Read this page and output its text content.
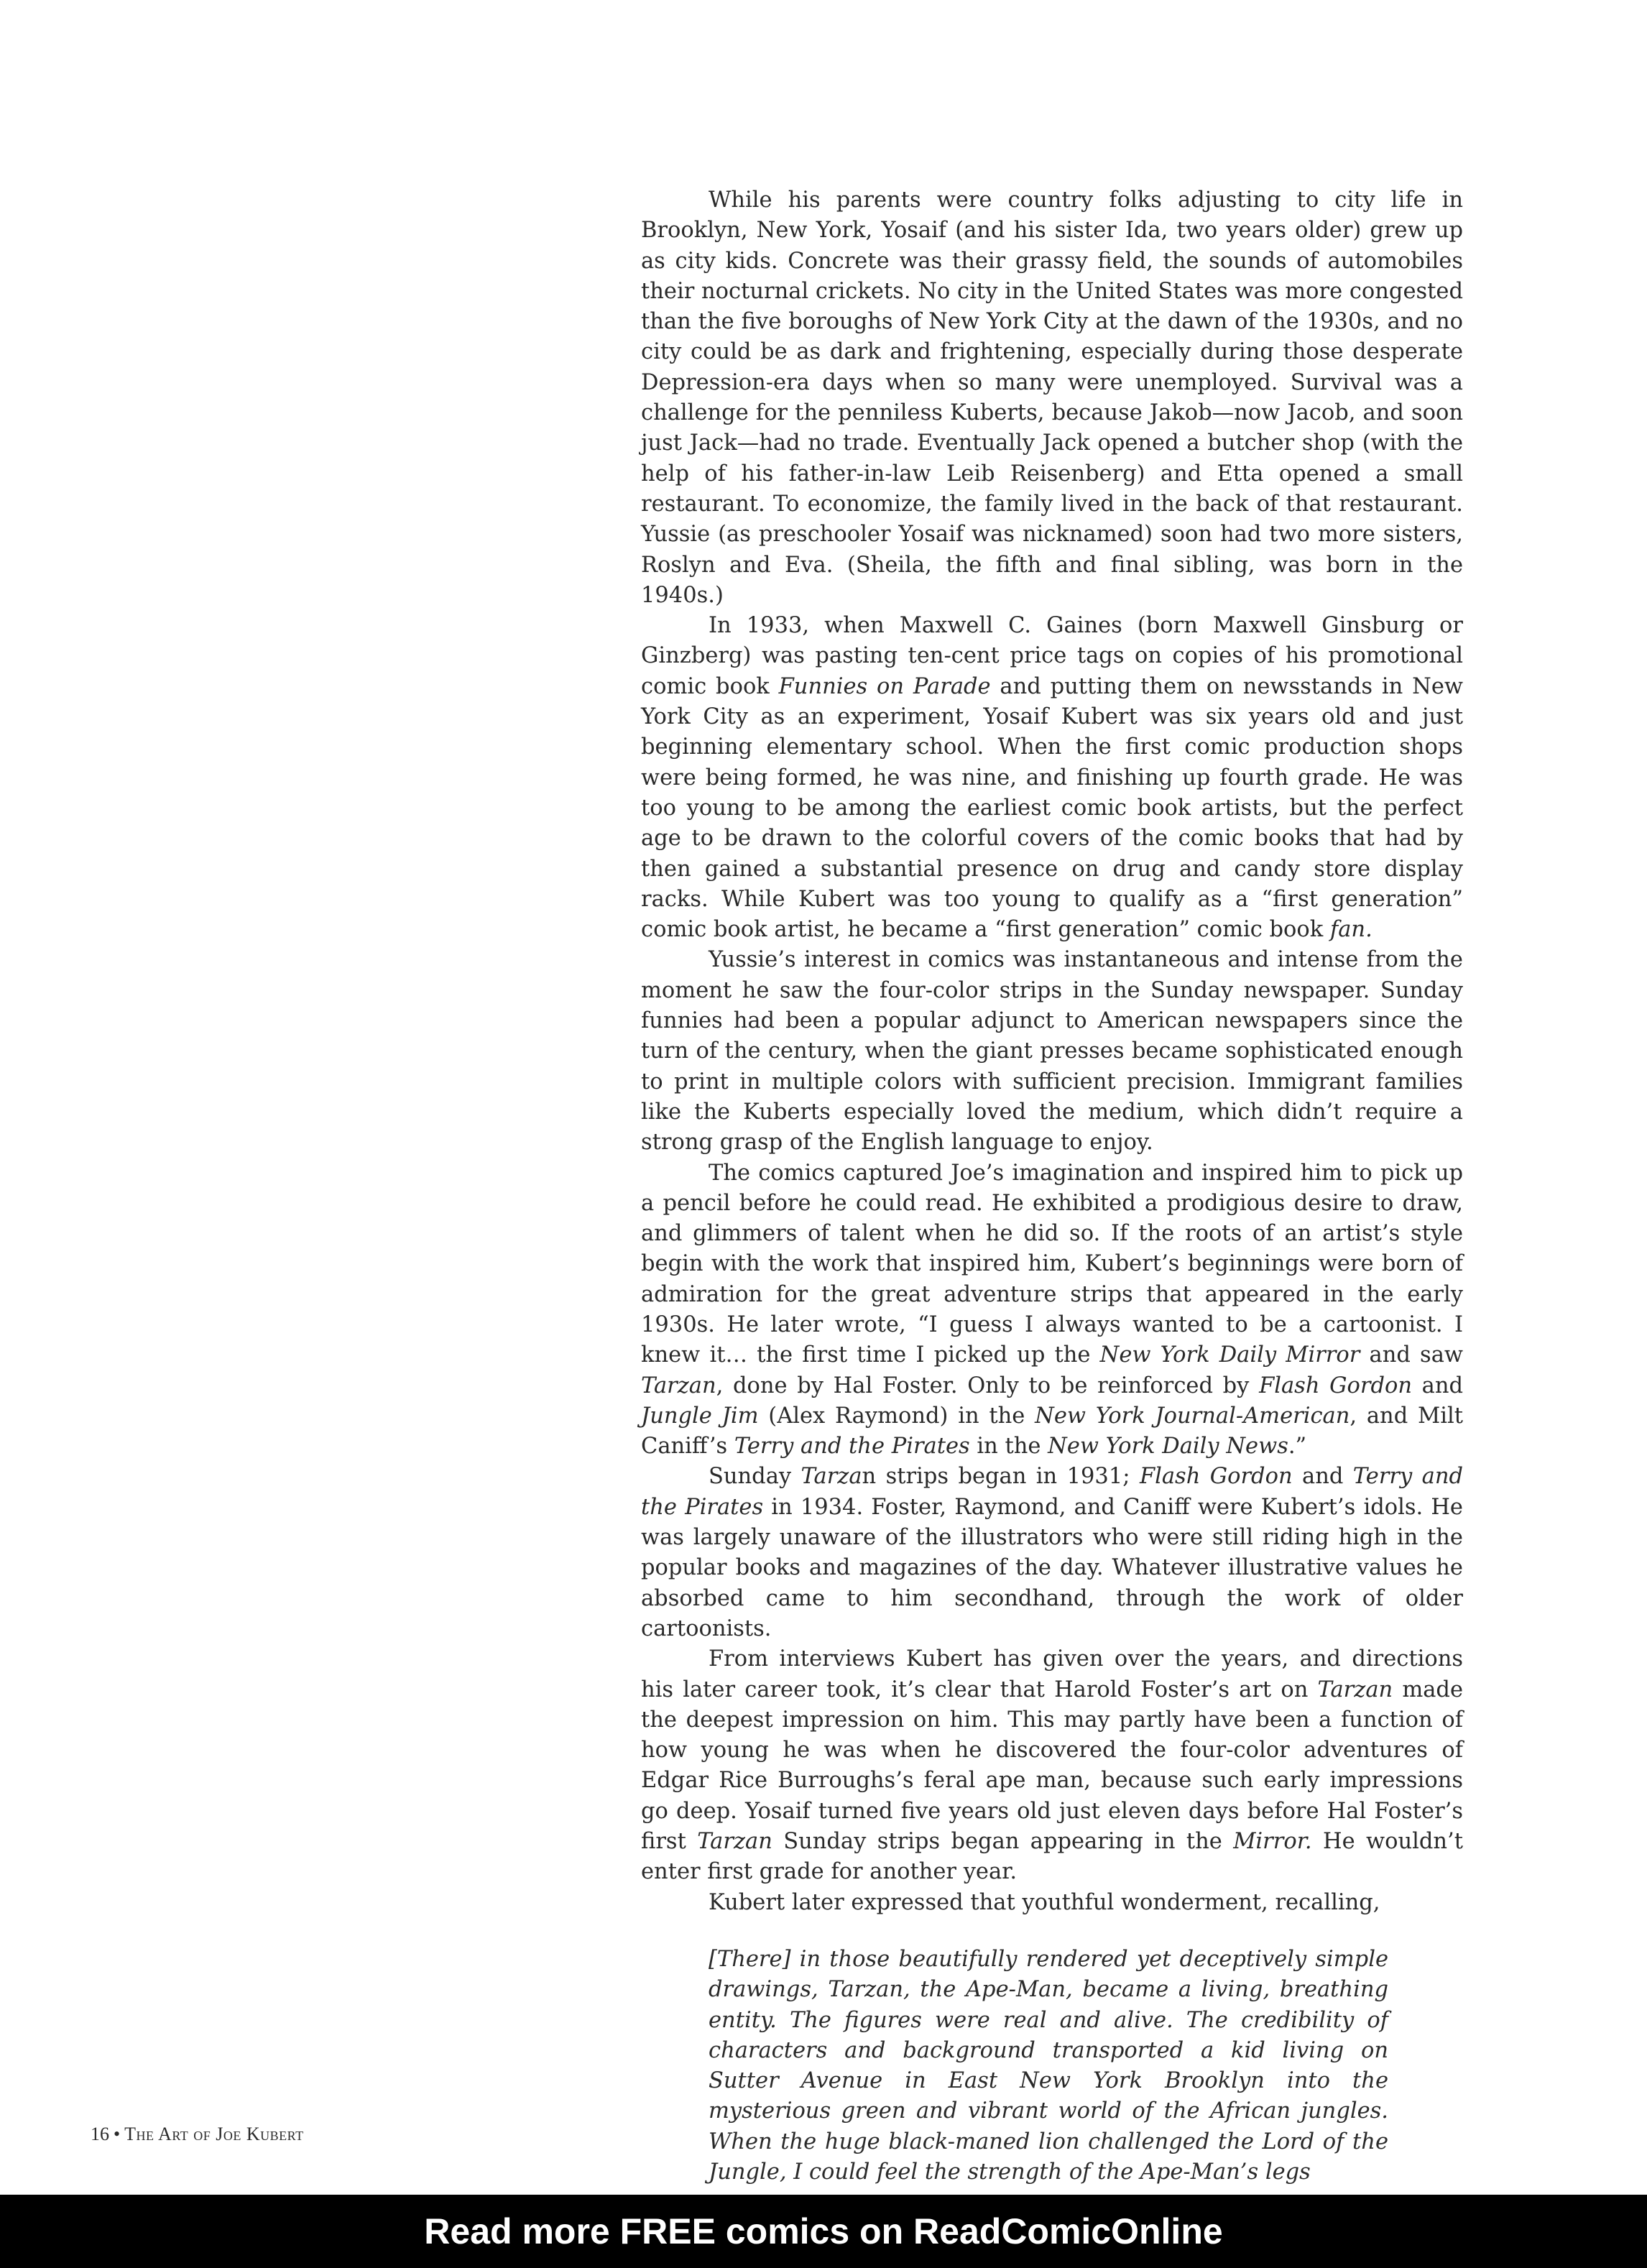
While his parents were country folks adjusting to city life in Brooklyn, New York, Yosaif (and his sister Ida, two years older) grew up as city kids. Concrete was their grassy field, the sounds of automobiles their nocturnal crickets. No city in the United States was more congested than the five boroughs of New York City at the dawn of the 1930s, and no city could be as dark and frightening, especially during those desperate Depression-era days when so many were unemployed. Survival was a challenge for the penniless Kuberts, because Jakob—now Jacob, and soon just Jack—had no trade. Eventually Jack opened a butcher shop (with the help of his father-in-law Leib Reisenberg) and Etta opened a small restaurant. To economize, the family lived in the back of that restaurant. Yussie (as preschooler Yosaif was nicknamed) soon had two more sisters, Roslyn and Eva. (Sheila, the fifth and final sibling, was born in the 1940s.)

In 1933, when Maxwell C. Gaines (born Maxwell Ginsburg or Ginzberg) was pasting ten-cent price tags on copies of his promotional comic book Funnies on Parade and putting them on newsstands in New York City as an experiment, Yosaif Kubert was six years old and just beginning elementary school. When the first comic production shops were being formed, he was nine, and finishing up fourth grade. He was too young to be among the earliest comic book artists, but the perfect age to be drawn to the colorful covers of the comic books that had by then gained a substantial presence on drug and candy store display racks. While Kubert was too young to qualify as a “first generation” comic book artist, he became a “first generation” comic book fan.

Yussie’s interest in comics was instantaneous and intense from the moment he saw the four-color strips in the Sunday newspaper. Sunday funnies had been a popular adjunct to American newspapers since the turn of the century, when the giant presses became sophisticated enough to print in multiple colors with sufficient precision. Immigrant families like the Kuberts especially loved the medium, which didn’t require a strong grasp of the English language to enjoy.

The comics captured Joe’s imagination and inspired him to pick up a pencil before he could read. He exhibited a prodigious desire to draw, and glimmers of talent when he did so. If the roots of an artist’s style begin with the work that inspired him, Kubert’s beginnings were born of admiration for the great adventure strips that appeared in the early 1930s. He later wrote, “I guess I always wanted to be a cartoonist. I knew it… the first time I picked up the New York Daily Mirror and saw Tarzan, done by Hal Foster. Only to be reinforced by Flash Gordon and Jungle Jim (Alex Raymond) in the New York Journal-American, and Milt Caniff’s Terry and the Pirates in the New York Daily News.”

Sunday Tarzan strips began in 1931; Flash Gordon and Terry and the Pirates in 1934. Foster, Raymond, and Caniff were Kubert’s idols. He was largely unaware of the illustrators who were still riding high in the popular books and magazines of the day. Whatever illustrative values he absorbed came to him secondhand, through the work of older cartoonists.

From interviews Kubert has given over the years, and directions his later career took, it’s clear that Harold Foster’s art on Tarzan made the deepest impression on him. This may partly have been a function of how young he was when he discovered the four-color adventures of Edgar Rice Burroughs’s feral ape man, because such early impressions go deep. Yosaif turned five years old just eleven days before Hal Foster’s first Tarzan Sunday strips began appearing in the Mirror. He wouldn’t enter first grade for another year.

Kubert later expressed that youthful wonderment, recalling,

[There] in those beautifully rendered yet deceptively simple drawings, Tarzan, the Ape-Man, became a living, breathing entity. The figures were real and alive. The credibility of characters and background transported a kid living on Sutter Avenue in East New York Brooklyn into the mysterious green and vibrant world of the African jungles. When the huge black-maned lion challenged the Lord of the Jungle, I could feel the strength of the Ape-Man’s legs
16 • The Art of Joe Kubert
Read more FREE comics on ReadComicOnline
